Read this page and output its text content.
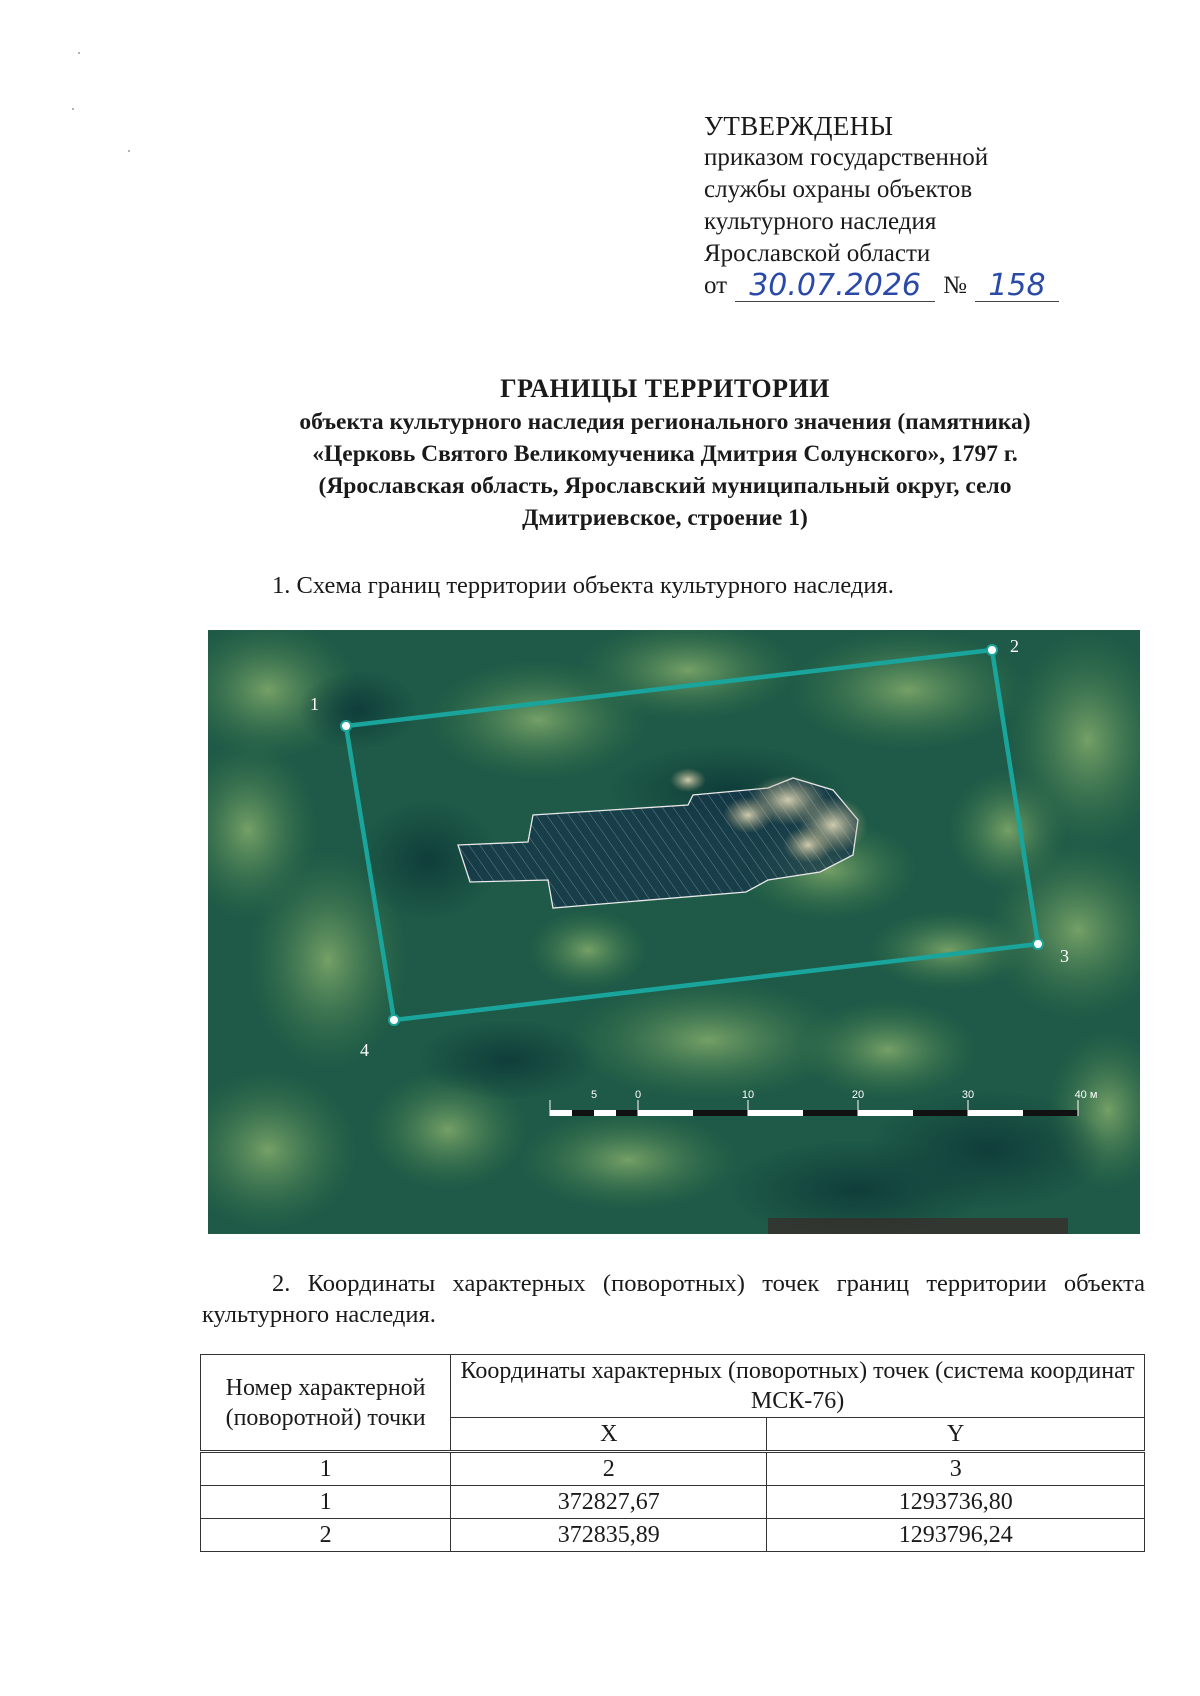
УТВЕРЖДЕНЫ
приказом государственной
службы охраны объектов
культурного наследия
Ярославской области
от 30.07.2026 № 158
ГРАНИЦЫ ТЕРРИТОРИИ
объекта культурного наследия регионального значения (памятника)
«Церковь Святого Великомученика Дмитрия Солунского», 1797 г.
(Ярославская область, Ярославский муниципальный округ, село
Дмитриевское, строение 1)
1. Схема границ территории объекта культурного наследия.
1
2
3
4
5	0	10	20	30	40 м
2. Координаты характерных (поворотных) точек границ территории объекта культурного наследия.
Номер характерной (поворотной) точки	Координаты характерных (поворотных) точек (система координат МСК-76)	
	X	Y
1	2	3
1	372827,67	1293736,80
2	372835,89	1293796,24
